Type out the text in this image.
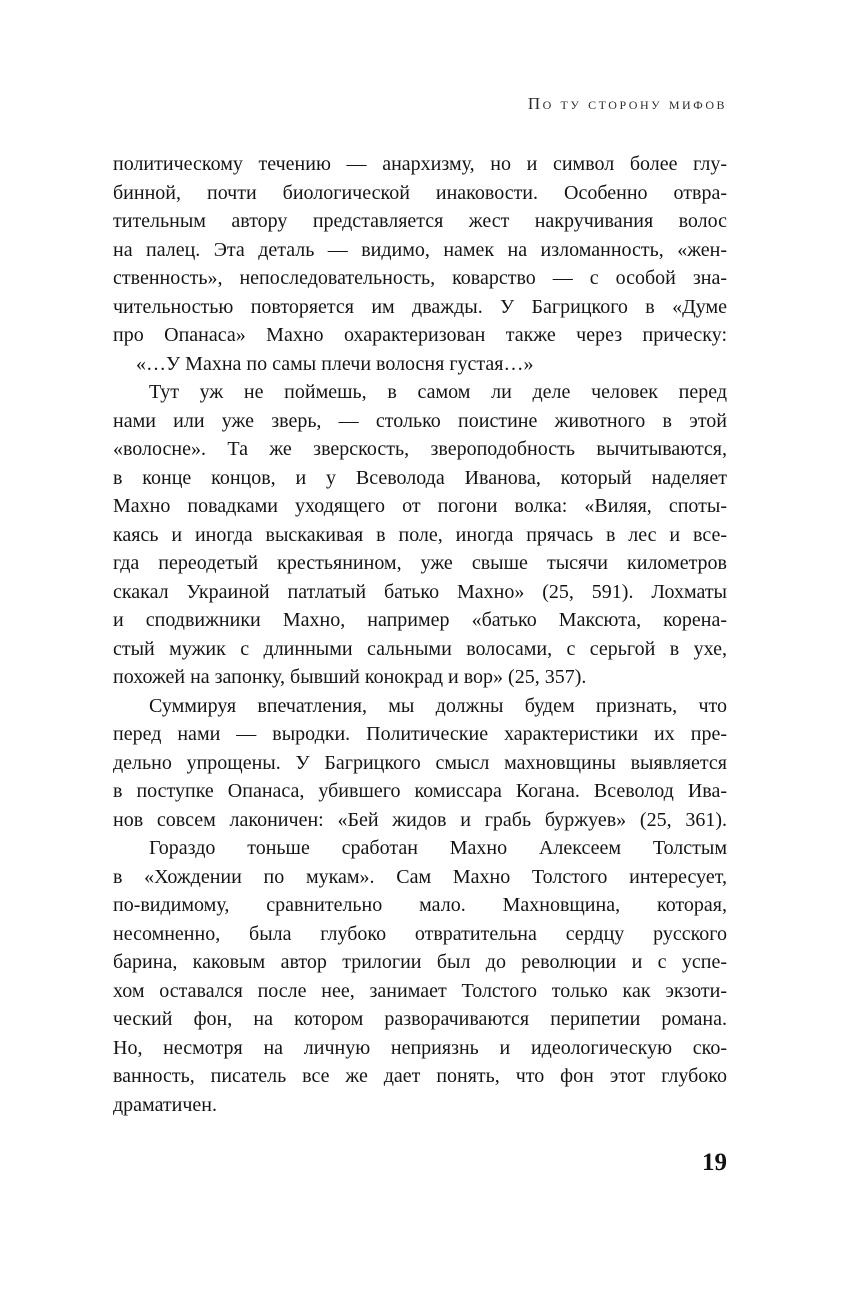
По ту сторону мифов
политическому течению — анархизму, но и символ более глу-
бинной, почти биологической инаковости. Особенно отвра-
тительным автору представляется жест накручивания волос
на палец. Эта деталь — видимо, намек на изломанность, «жен-
ственность», непоследовательность, коварство — с особой зна-
чительностью повторяется им дважды. У Багрицкого в «Думе
про Опанаса» Махно охарактеризован также через прическу:
«…У Махна по самы плечи волосня густая…»
Тут уж не поймешь, в самом ли деле человек перед
нами или уже зверь, — столько поистине животного в этой
«волосне». Та же зверскость, звероподобность вычитываются,
в конце концов, и у Всеволода Иванова, который наделяет
Махно повадками уходящего от погони волка: «Виляя, споты-
каясь и иногда выскакивая в поле, иногда прячась в лес и все-
гда переодетый крестьянином, уже свыше тысячи километров
скакал Украиной патлатый батько Махно» (25, 591). Лохматы
и сподвижники Махно, например «батько Максюта, корена-
стый мужик с длинными сальными волосами, с серьгой в ухе,
похожей на запонку, бывший конокрад и вор» (25, 357).
Суммируя впечатления, мы должны будем признать, что
перед нами — выродки. Политические характеристики их пре-
дельно упрощены. У Багрицкого смысл махновщины выявляется
в поступке Опанаса, убившего комиссара Когана. Всеволод Ива-
нов совсем лаконичен: «Бей жидов и грабь буржуев» (25, 361).
Гораздо тоньше сработан Махно Алексеем Толстым
в «Хождении по мукам». Сам Махно Толстого интересует,
по-видимому, сравнительно мало. Махновщина, которая,
несомненно, была глубоко отвратительна сердцу русского
барина, каковым автор трилогии был до революции и с успе-
хом оставался после нее, занимает Толстого только как экзоти-
ческий фон, на котором разворачиваются перипетии романа.
Но, несмотря на личную неприязнь и идеологическую ско-
ванность, писатель все же дает понять, что фон этот глубоко
драматичен.
19
